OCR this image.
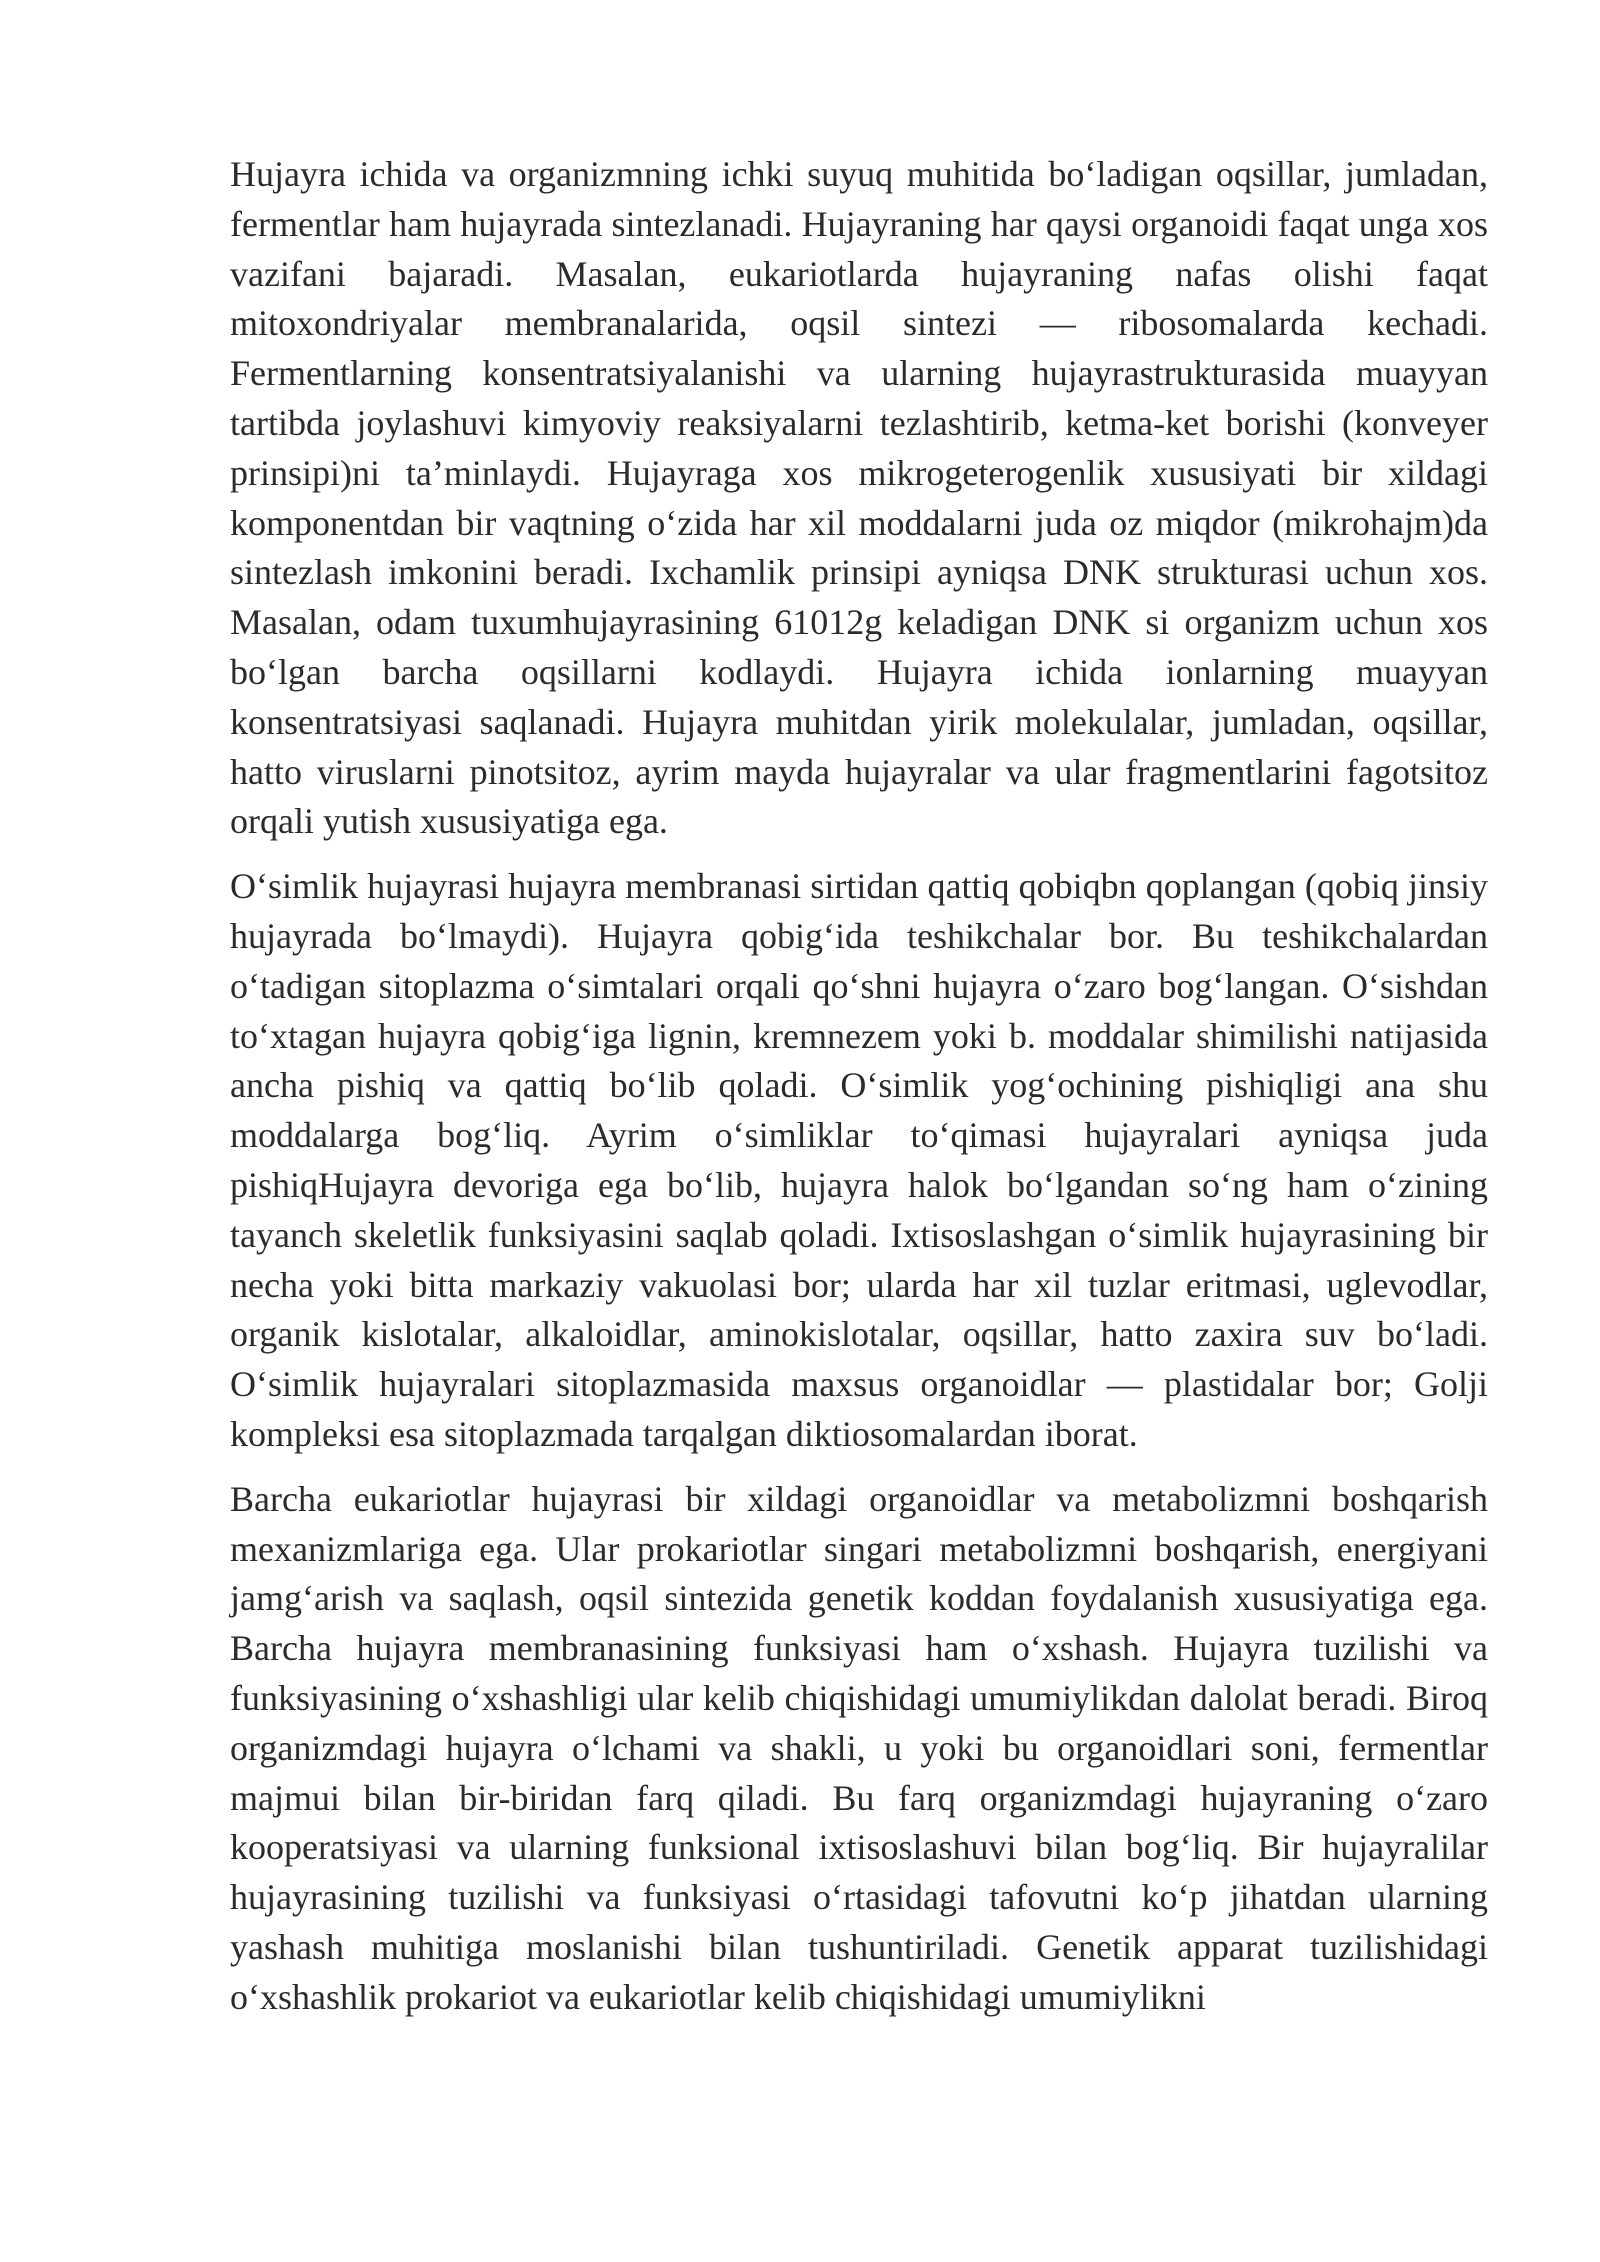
Hujayra ichida va organizmning ichki suyuq muhitida bo‘ladigan oqsillar, jumladan, fermentlar ham hujayrada sintezlanadi. Hujayraning har qaysi organoidi faqat unga xos vazifani bajaradi. Masalan, eukariotlarda hujayraning nafas olishi faqat mitoxondriyalar membranalarida, oqsil sintezi — ribosomalarda kechadi. Fermentlarning konsentratsiyalanishi va ularning hujayrastrukturasida muayyan tartibda joylashuvi kimyoviy reaksiyalarni tezlashtirib, ketma-ket borishi (konveyer prinsipi)ni ta’minlaydi. Hujayraga xos mikrogeterogenlik xususiyati bir xildagi komponentdan bir vaqtning o‘zida har xil moddalarni juda oz miqdor (mikrohajm)da sintezlash imkonini beradi. Ixchamlik prinsipi ayniqsa DNK strukturasi uchun xos. Masalan, odam tuxumhujayrasining 61012g keladigan DNK si organizm uchun xos bo‘lgan barcha oqsillarni kodlaydi. Hujayra ichida ionlarning muayyan konsentratsiyasi saqlanadi. Hujayra muhitdan yirik molekulalar, jumladan, oqsillar, hatto viruslarni pinotsitoz, ayrim mayda hujayralar va ular fragmentlarini fagotsitoz orqali yutish xususiyatiga ega.

O‘simlik hujayrasi hujayra membranasi sirtidan qattiq qobiqbn qoplangan (qobiq jinsiy hujayrada bo‘lmaydi). Hujayra qobig‘ida teshikchalar bor. Bu teshikchalardan o‘tadigan sitoplazma o‘simtalari orqali qo‘shni hujayra o‘zaro bog‘langan. O‘sishdan to‘xtagan hujayra qobig‘iga lignin, kremnezem yoki b. moddalar shimilishi natijasida ancha pishiq va qattiq bo‘lib qoladi. O‘simlik yog‘ochining pishiqligi ana shu moddalarga bog‘liq. Ayrim o‘simliklar to‘qimasi hujayralari ayniqsa juda pishiqHujayra devoriga ega bo‘lib, hujayra halok bo‘lgandan so‘ng ham o‘zining tayanch skeletlik funksiyasini saqlab qoladi. Ixtisoslashgan o‘simlik hujayrasining bir necha yoki bitta markaziy vakuolasi bor; ularda har xil tuzlar eritmasi, uglevodlar, organik kislotalar, alkaloidlar, aminokislotalar, oqsillar, hatto zaxira suv bo‘ladi. O‘simlik hujayralari sitoplazmasida maxsus organoidlar — plastidalar bor; Golji kompleksi esa sitoplazmada tarqalgan diktiosomalardan iborat.

Barcha eukariotlar hujayrasi bir xildagi organoidlar va metabolizmni boshqarish mexanizmlariga ega. Ular prokariotlar singari metabolizmni boshqarish, energiyani jamg‘arish va saqlash, oqsil sintezida genetik koddan foydalanish xususiyatiga ega. Barcha hujayra membranasining funksiyasi ham o‘xshash. Hujayra tuzilishi va funksiyasining o‘xshashligi ular kelib chiqishidagi umumiylikdan dalolat beradi. Biroq organizmdagi hujayra o‘lchami va shakli, u yoki bu organoidlari soni, fermentlar majmui bilan bir-biridan farq qiladi. Bu farq organizmdagi hujayraning o‘zaro kooperatsiyasi va ularning funksional ixtisoslashuvi bilan bog‘liq. Bir hujayralilar hujayrasining tuzilishi va funksiyasi o‘rtasidagi tafovutni ko‘p jihatdan ularning yashash muhitiga moslanishi bilan tushuntiriladi. Genetik apparat tuzilishidagi o‘xshashlik prokariot va eukariotlar kelib chiqishidagi umumiylikni
